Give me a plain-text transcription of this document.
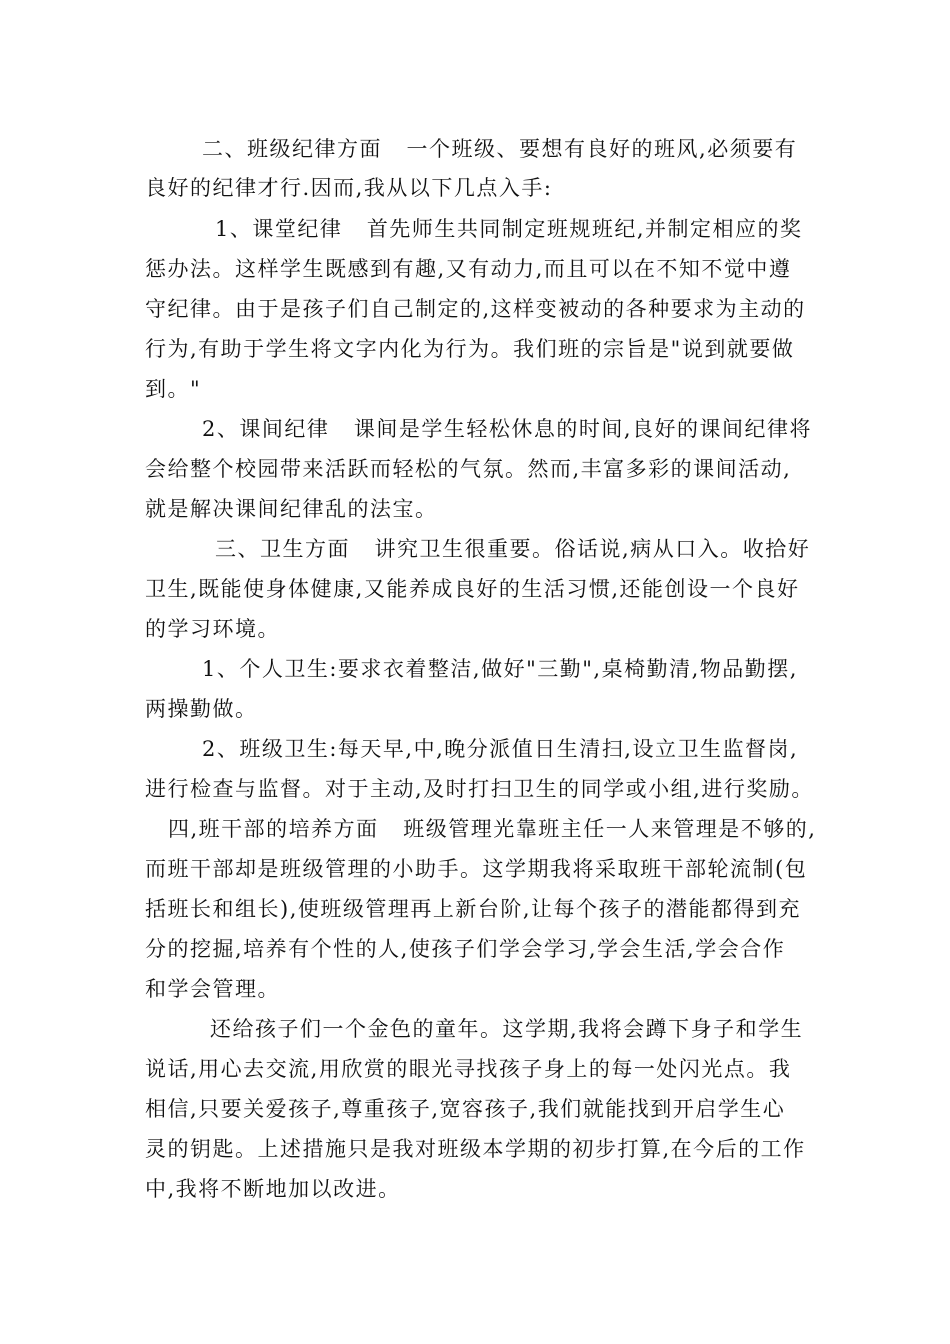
二、班级纪律方面   一个班级、要想有良好的班风,必须要有
良好的纪律才行.因而,我从以下几点入手:
1、课堂纪律   首先师生共同制定班规班纪,并制定相应的奖
惩办法。这样学生既感到有趣,又有动力,而且可以在不知不觉中遵
守纪律。由于是孩子们自己制定的,这样变被动的各种要求为主动的
行为,有助于学生将文字内化为行为。我们班的宗旨是"说到就要做
到。"
2、课间纪律   课间是学生轻松休息的时间,良好的课间纪律将
会给整个校园带来活跃而轻松的气氛。然而,丰富多彩的课间活动,
就是解决课间纪律乱的法宝。
三、卫生方面   讲究卫生很重要。俗话说,病从口入。收拾好
卫生,既能使身体健康,又能养成良好的生活习惯,还能创设一个良好
的学习环境。
1、个人卫生:要求衣着整洁,做好"三勤",桌椅勤清,物品勤摆,
两操勤做。
2、班级卫生:每天早,中,晚分派值日生清扫,设立卫生监督岗,
进行检查与监督。对于主动,及时打扫卫生的同学或小组,进行奖励。
四,班干部的培养方面   班级管理光靠班主任一人来管理是不够的,
而班干部却是班级管理的小助手。这学期我将采取班干部轮流制(包
括班长和组长),使班级管理再上新台阶,让每个孩子的潜能都得到充
分的挖掘,培养有个性的人,使孩子们学会学习,学会生活,学会合作
和学会管理。
还给孩子们一个金色的童年。这学期,我将会蹲下身子和学生
说话,用心去交流,用欣赏的眼光寻找孩子身上的每一处闪光点。我
相信,只要关爱孩子,尊重孩子,宽容孩子,我们就能找到开启学生心
灵的钥匙。上述措施只是我对班级本学期的初步打算,在今后的工作
中,我将不断地加以改进。
